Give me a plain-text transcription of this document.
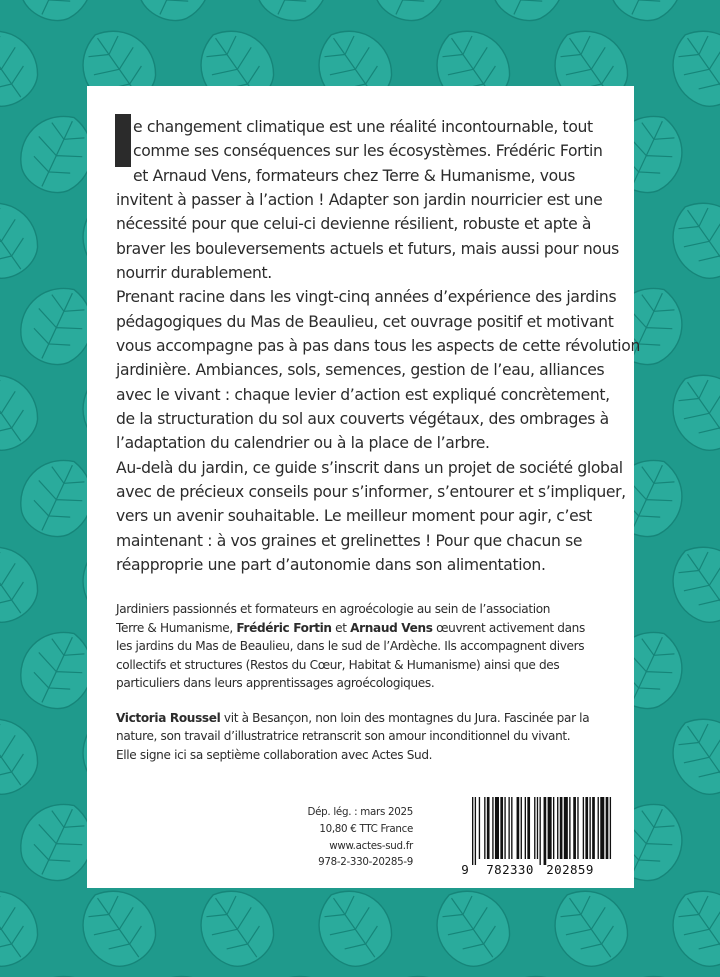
e changement climatique est une réalité incontournable, tout
comme ses conséquences sur les écosystèmes. Frédéric Fortin
et Arnaud Vens, formateurs chez Terre & Humanisme, vous
invitent à passer à l’action ! Adapter son jardin nourricier est une
nécessité pour que celui-ci devienne résilient, robuste et apte à
braver les bouleversements actuels et futurs, mais aussi pour nous
nourrir durablement.
Prenant racine dans les vingt-cinq années d’expérience des jardins
pédagogiques du Mas de Beaulieu, cet ouvrage positif et motivant
vous accompagne pas à pas dans tous les aspects de cette révolution
jardinière. Ambiances, sols, semences, gestion de l’eau, alliances
avec le vivant : chaque levier d’action est expliqué concrètement,
de la structuration du sol aux couverts végétaux, des ombrages à
l’adaptation du calendrier ou à la place de l’arbre.
Au-delà du jardin, ce guide s’inscrit dans un projet de société global
avec de précieux conseils pour s’informer, s’entourer et s’impliquer,
vers un avenir souhaitable. Le meilleur moment pour agir, c’est
maintenant : à vos graines et grelinettes ! Pour que chacun se
réapproprie une part d’autonomie dans son alimentation.
Jardiniers passionnés et formateurs en agroécologie au sein de l’association
Terre & Humanisme, Frédéric Fortin et Arnaud Vens œuvrent activement dans
les jardins du Mas de Beaulieu, dans le sud de l’Ardèche. Ils accompagnent divers
collectifs et structures (Restos du Cœur, Habitat & Humanisme) ainsi que des
particuliers dans leurs apprentissages agroécologiques.
Victoria Roussel vit à Besançon, non loin des montagnes du Jura. Fascinée par la
nature, son travail d’illustratrice retranscrit son amour inconditionnel du vivant.
Elle signe ici sa septième collaboration avec Actes Sud.
Dép. lég. : mars 2025
10,80 € TTC France
www.actes-sud.fr
978-2-330-20285-9	9 782330 202859
